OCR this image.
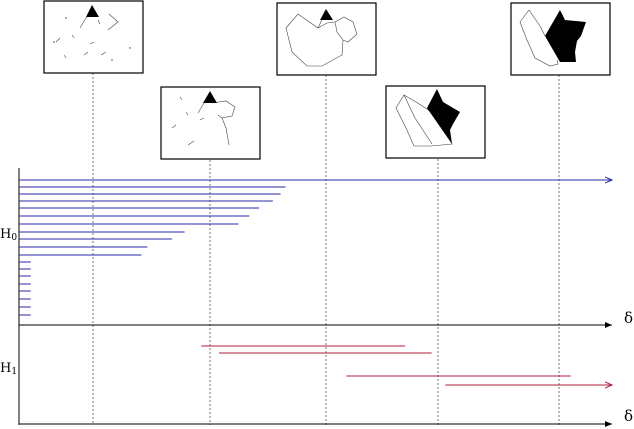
H0
H1
δ
δ
